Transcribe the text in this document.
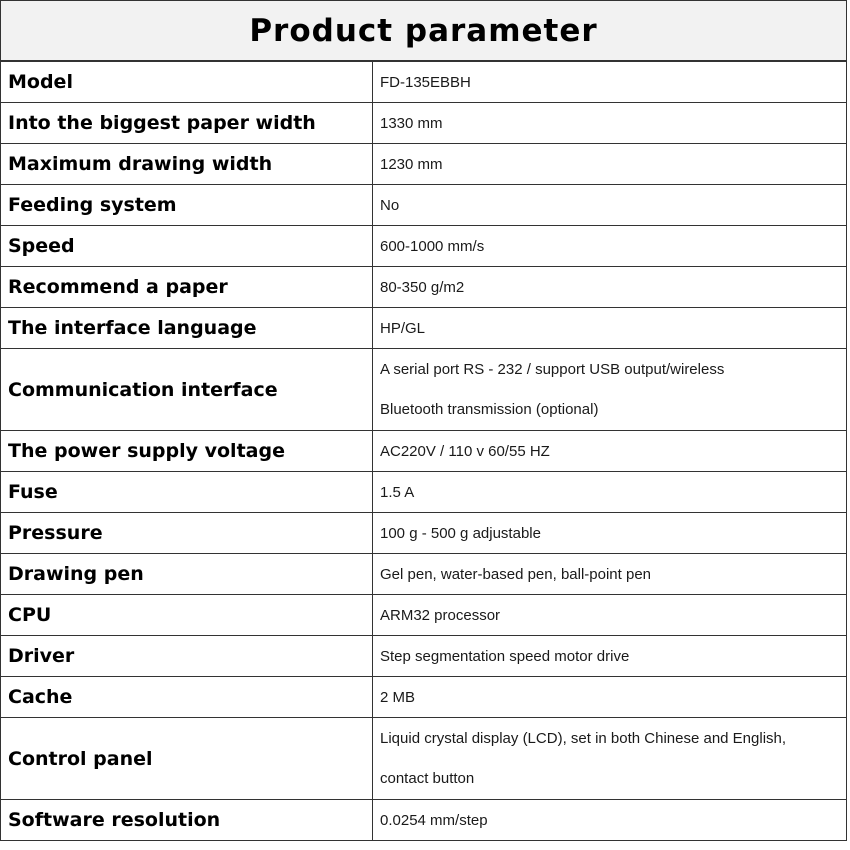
Product parameter
Model	FD-135EBBH

Into the biggest paper width	1330 mm

Maximum drawing width	1230 mm

Feeding system	No

Speed	600-1000 mm/s

Recommend a paper	80-350 g/m2

The interface language	HP/GL

Communication interface	A serial port RS - 232 / support USB output/wireless
Bluetooth transmission (optional)

The power supply voltage	AC220V / 110 v 60/55 HZ

Fuse	1.5 A

Pressure	100 g - 500 g adjustable

Drawing pen	Gel pen, water-based pen, ball-point pen

CPU	ARM32 processor

Driver	Step segmentation speed motor drive

Cache	2 MB

Control panel	Liquid crystal display (LCD), set in both Chinese and English,
contact button

Software resolution	0.0254 mm/step
